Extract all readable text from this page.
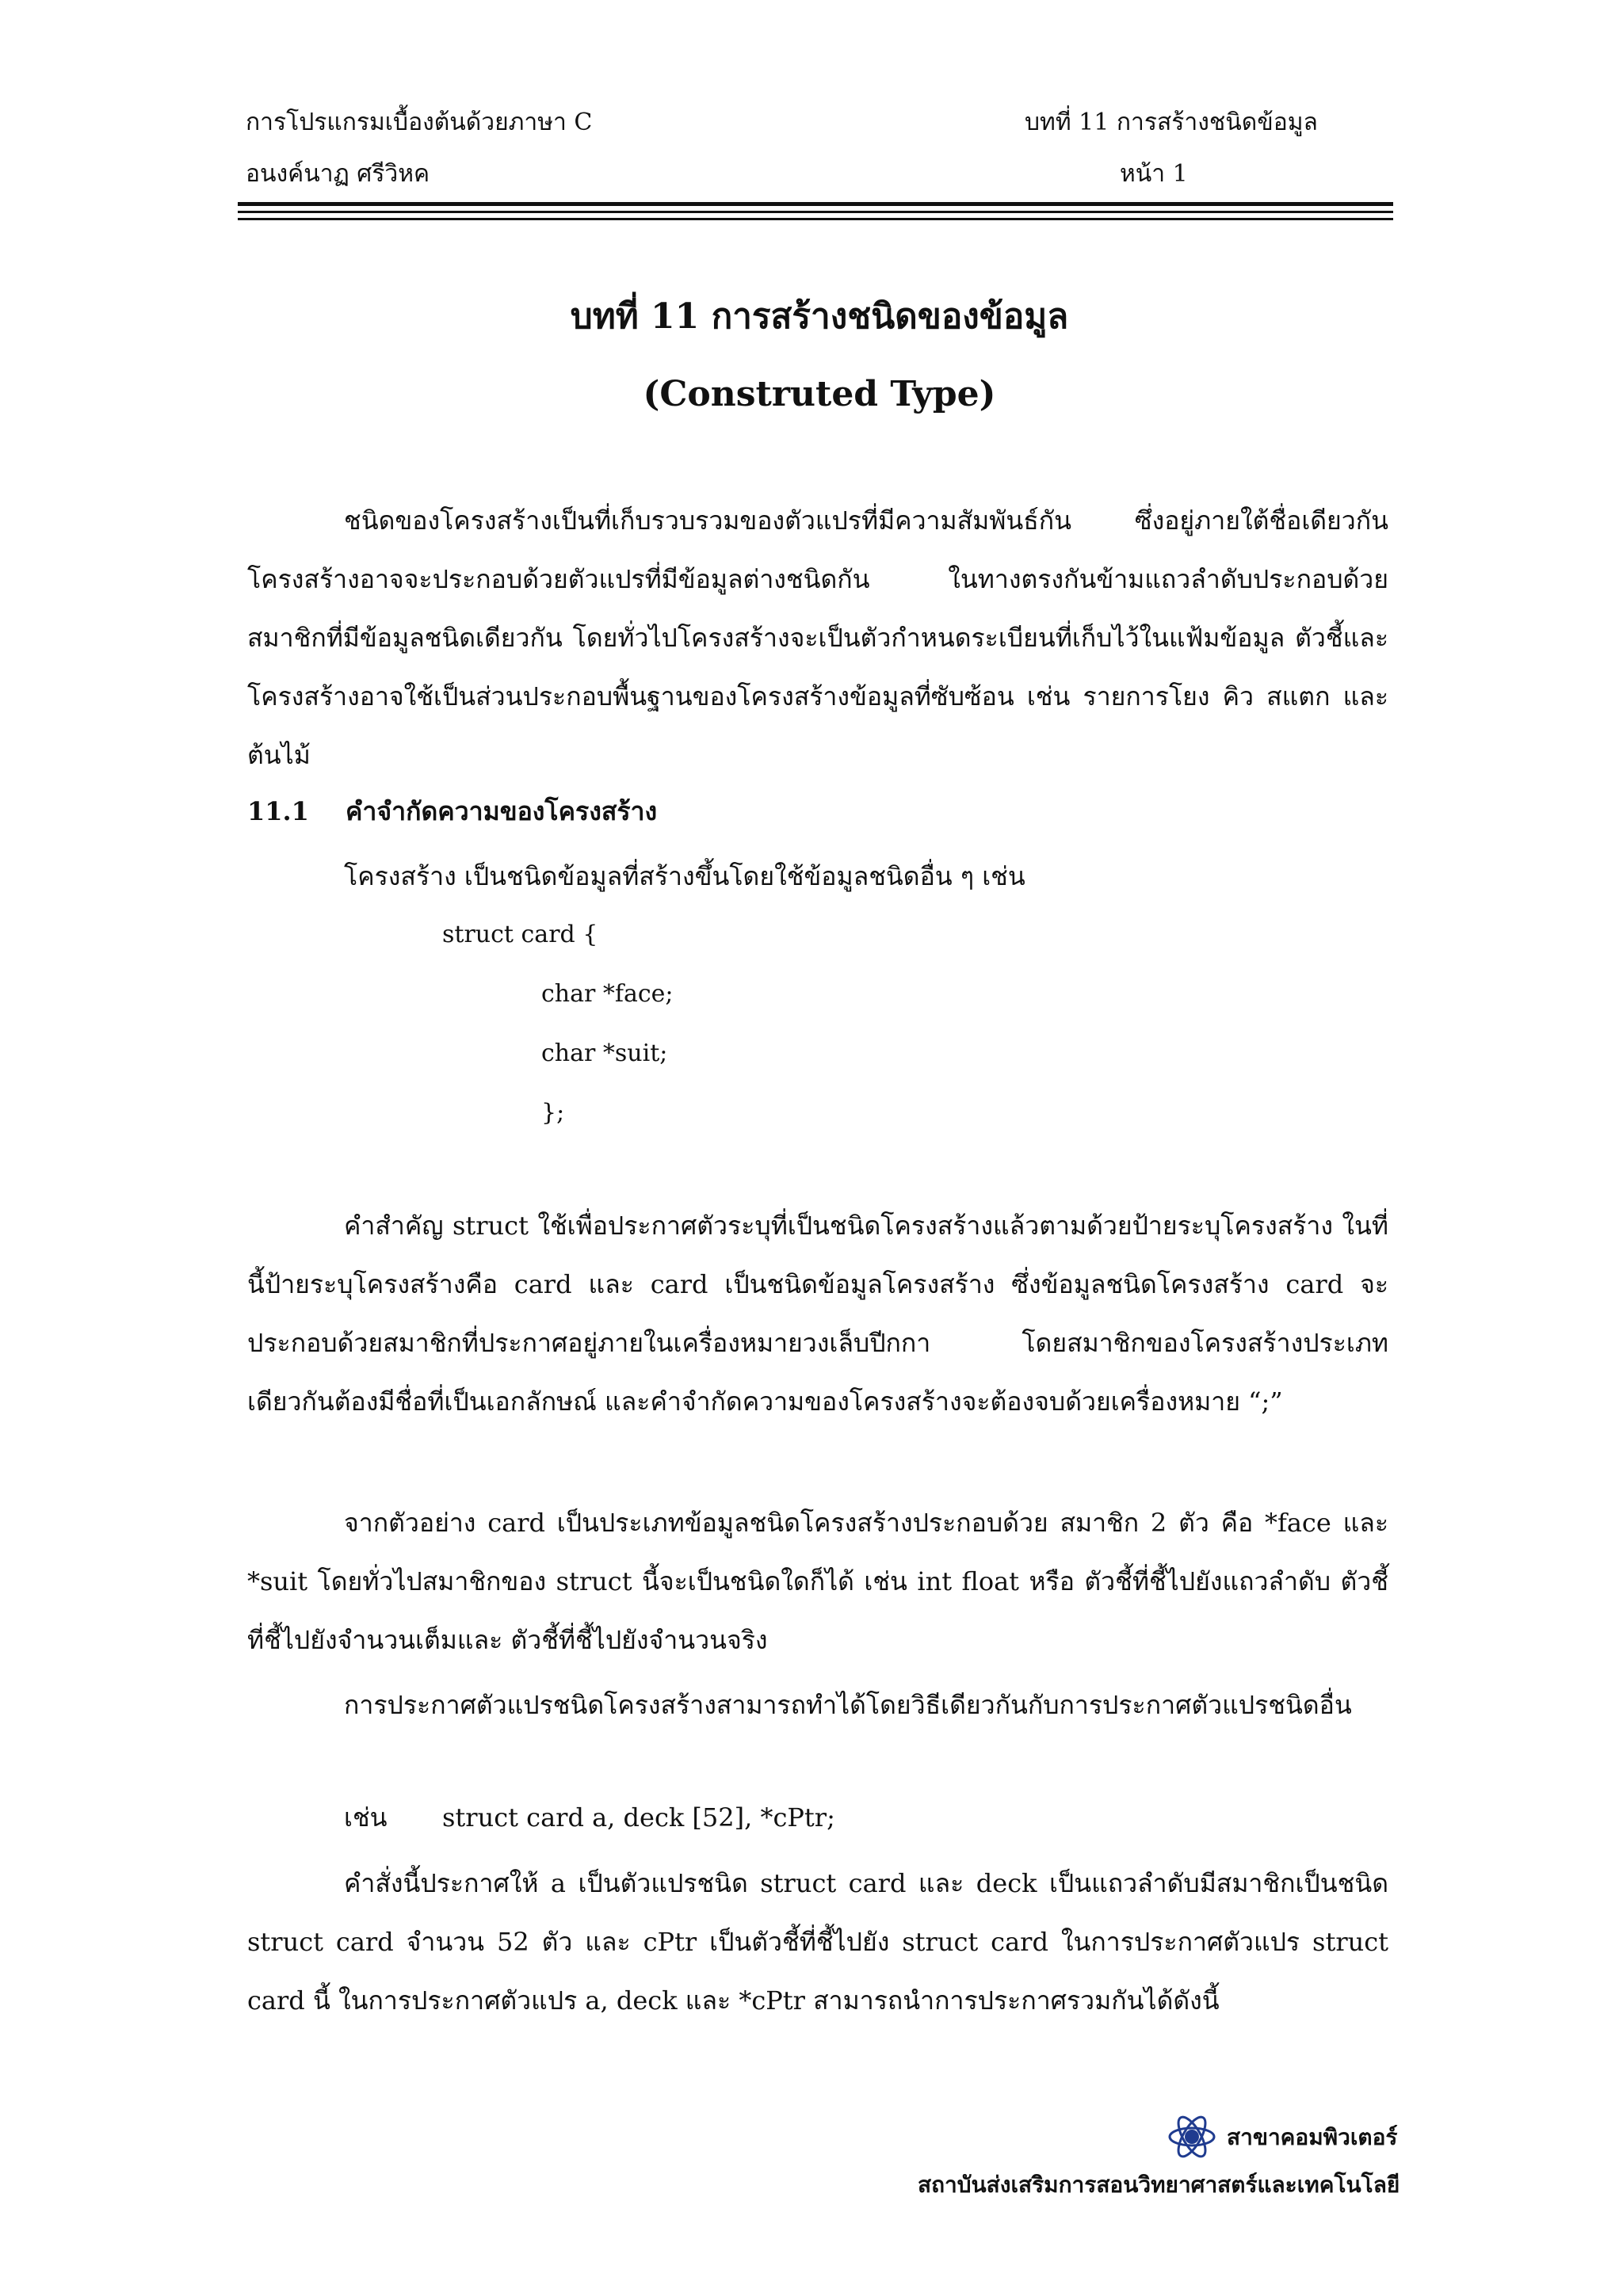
การโปรแกรมเบื้องต้นด้วยภาษา C
อนงค์นาฏ ศรีวิหค
บทที่ 11 การสร้างชนิดข้อมูล
หน้า 1
บทที่ 11 การสร้างชนิดของข้อมูล
(Construted Type)

ชนิดของโครงสร้างเป็นที่เก็บรวบรวมของตัวแปรที่มีความสัมพันธ์กัน ซึ่งอยู่ภายใต้ชื่อเดียวกัน โครงสร้างอาจจะประกอบด้วยตัวแปรที่มีข้อมูลต่างชนิดกัน ในทางตรงกันข้ามแถวลำดับประกอบด้วยสมาชิกที่มีข้อมูลชนิดเดียวกัน โดยทั่วไปโครงสร้างจะเป็นตัวกำหนดระเบียนที่เก็บไว้ในแฟ้มข้อมูล ตัวชี้และโครงสร้างอาจใช้เป็นส่วนประกอบพื้นฐานของโครงสร้างข้อมูลที่ซับซ้อน เช่น รายการโยง คิว สแตก และต้นไม้

11.1 คำจำกัดความของโครงสร้าง
โครงสร้าง เป็นชนิดข้อมูลที่สร้างขึ้นโดยใช้ข้อมูลชนิดอื่น ๆ เช่น
struct card {
char *face;
char *suit;
};

คำสำคัญ struct ใช้เพื่อประกาศตัวระบุที่เป็นชนิดโครงสร้างแล้วตามด้วยป้ายระบุโครงสร้าง ในที่นี้ป้ายระบุโครงสร้างคือ card และ card เป็นชนิดข้อมูลโครงสร้าง ซึ่งข้อมูลชนิดโครงสร้าง card จะประกอบด้วยสมาชิกที่ประกาศอยู่ภายในเครื่องหมายวงเล็บปีกกา โดยสมาชิกของโครงสร้างประเภทเดียวกันต้องมีชื่อที่เป็นเอกลักษณ์ และคำจำกัดความของโครงสร้างจะต้องจบด้วยเครื่องหมาย “;”

จากตัวอย่าง card เป็นประเภทข้อมูลชนิดโครงสร้างประกอบด้วย สมาชิก 2 ตัว คือ *face และ *suit โดยทั่วไปสมาชิกของ struct นี้จะเป็นชนิดใดก็ได้ เช่น int float หรือ ตัวชี้ที่ชี้ไปยังแถวลำดับ ตัวชี้ที่ชี้ไปยังจำนวนเต็มและ ตัวชี้ที่ชี้ไปยังจำนวนจริง

การประกาศตัวแปรชนิดโครงสร้างสามารถทำได้โดยวิธีเดียวกันกับการประกาศตัวแปรชนิดอื่น

เช่น struct card a, deck [52], *cPtr;

คำสั่งนี้ประกาศให้ a เป็นตัวแปรชนิด struct card และ deck เป็นแถวลำดับมีสมาชิกเป็นชนิด struct card จำนวน 52 ตัว และ cPtr เป็นตัวชี้ที่ชี้ไปยัง struct card ในการประกาศตัวแปร struct card นี้ ในการประกาศตัวแปร a, deck และ *cPtr สามารถนำการประกาศรวมกันได้ดังนี้

สาขาคอมพิวเตอร์
สถาบันส่งเสริมการสอนวิทยาศาสตร์และเทคโนโลยี
